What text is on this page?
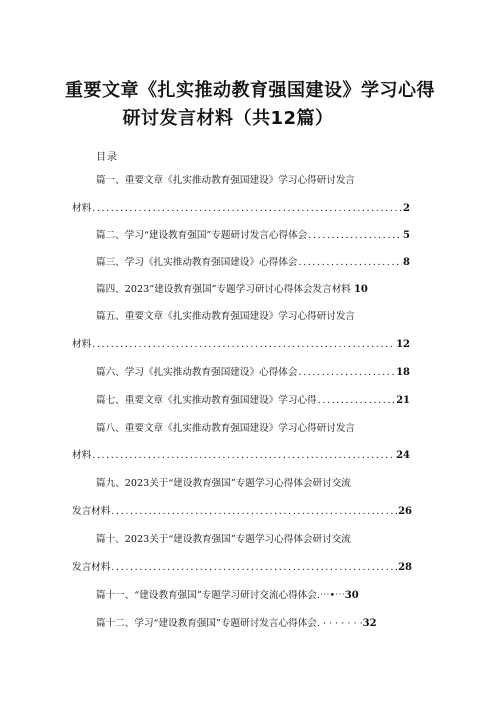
重要文章《扎实推动教育强国建设》学习心得
研讨发言材料（共12篇）
目录
篇一、重要文章《扎实推动教育强国建设》学习心得研讨发言
材料 .....	2
篇二、学习“建设教育强国”专题研讨发言心得体会 .....	5
篇三、学习《扎实推动教育强国建设》心得体会 .....	8
篇四、2023”建设教育强国”专题学习研讨心得体会发言材料 10
篇五、重要文章《扎实推动教育强国建设》学习心得研讨发言
材料 .....	12
篇六、学习《扎实推动教育强国建设》心得体会 .....	18
篇七、重要文章《扎实推动教育强国建设》学习心得 .....	21
篇八、重要文章《扎实推动教育强国建设》学习心得研讨发言
材料 .....	24
篇九、2023关于“建设教育强国”专题学习心得体会研讨交流
发言材料 .....	26
篇十、2023关于“建设教育强国”专题学习心得体会研讨交流
发言材料 .....	28
篇十一、“建设教育强国”专题学习研讨交流心得体会.⋯•⋯30
篇十二、学习“建设教育强国”专题研讨发言心得体会. · · · · · · ·32
